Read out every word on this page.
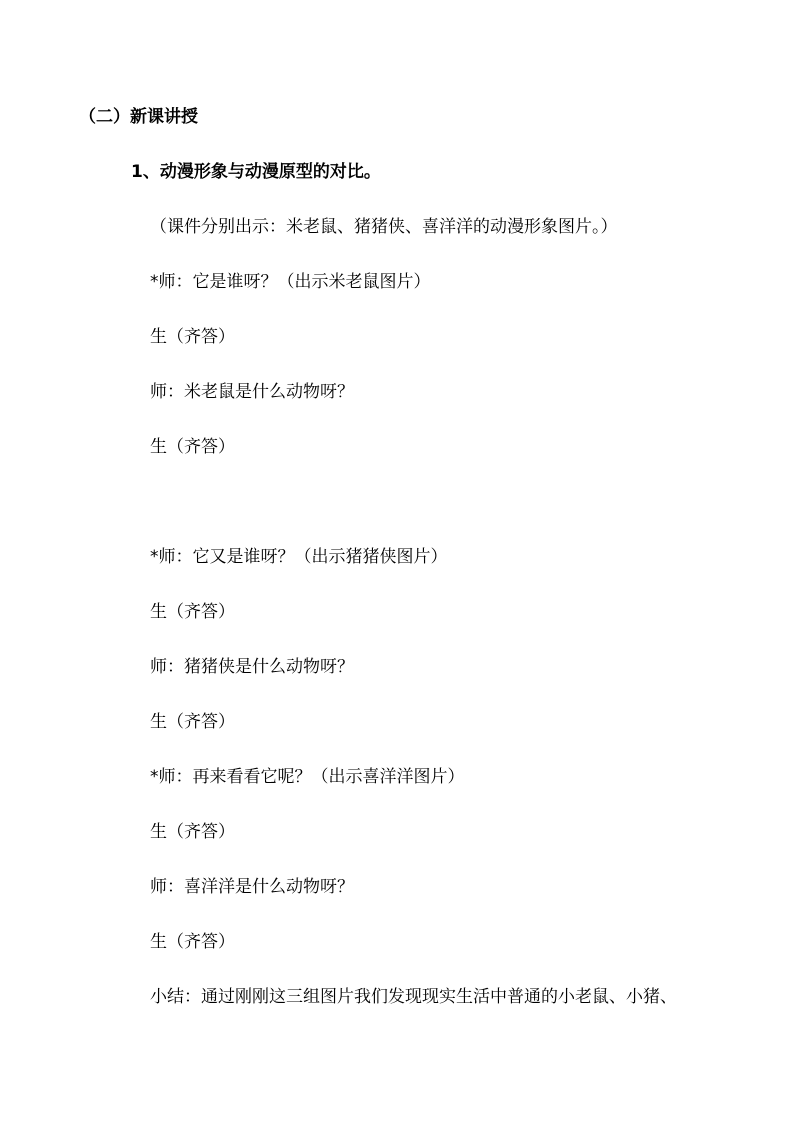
（二）新课讲授
1、动漫形象与动漫原型的对比。
（课件分别出示：米老鼠、猪猪侠、喜洋洋的动漫形象图片。）
*师：它是谁呀？（出示米老鼠图片）
生（齐答）
师：米老鼠是什么动物呀？
生（齐答）
*师：它又是谁呀？（出示猪猪侠图片）
生（齐答）
师：猪猪侠是什么动物呀？
生（齐答）
*师：再来看看它呢？（出示喜洋洋图片）
生（齐答）
师：喜洋洋是什么动物呀？
生（齐答）
小结：通过刚刚这三组图片我们发现现实生活中普通的小老鼠、小猪、
